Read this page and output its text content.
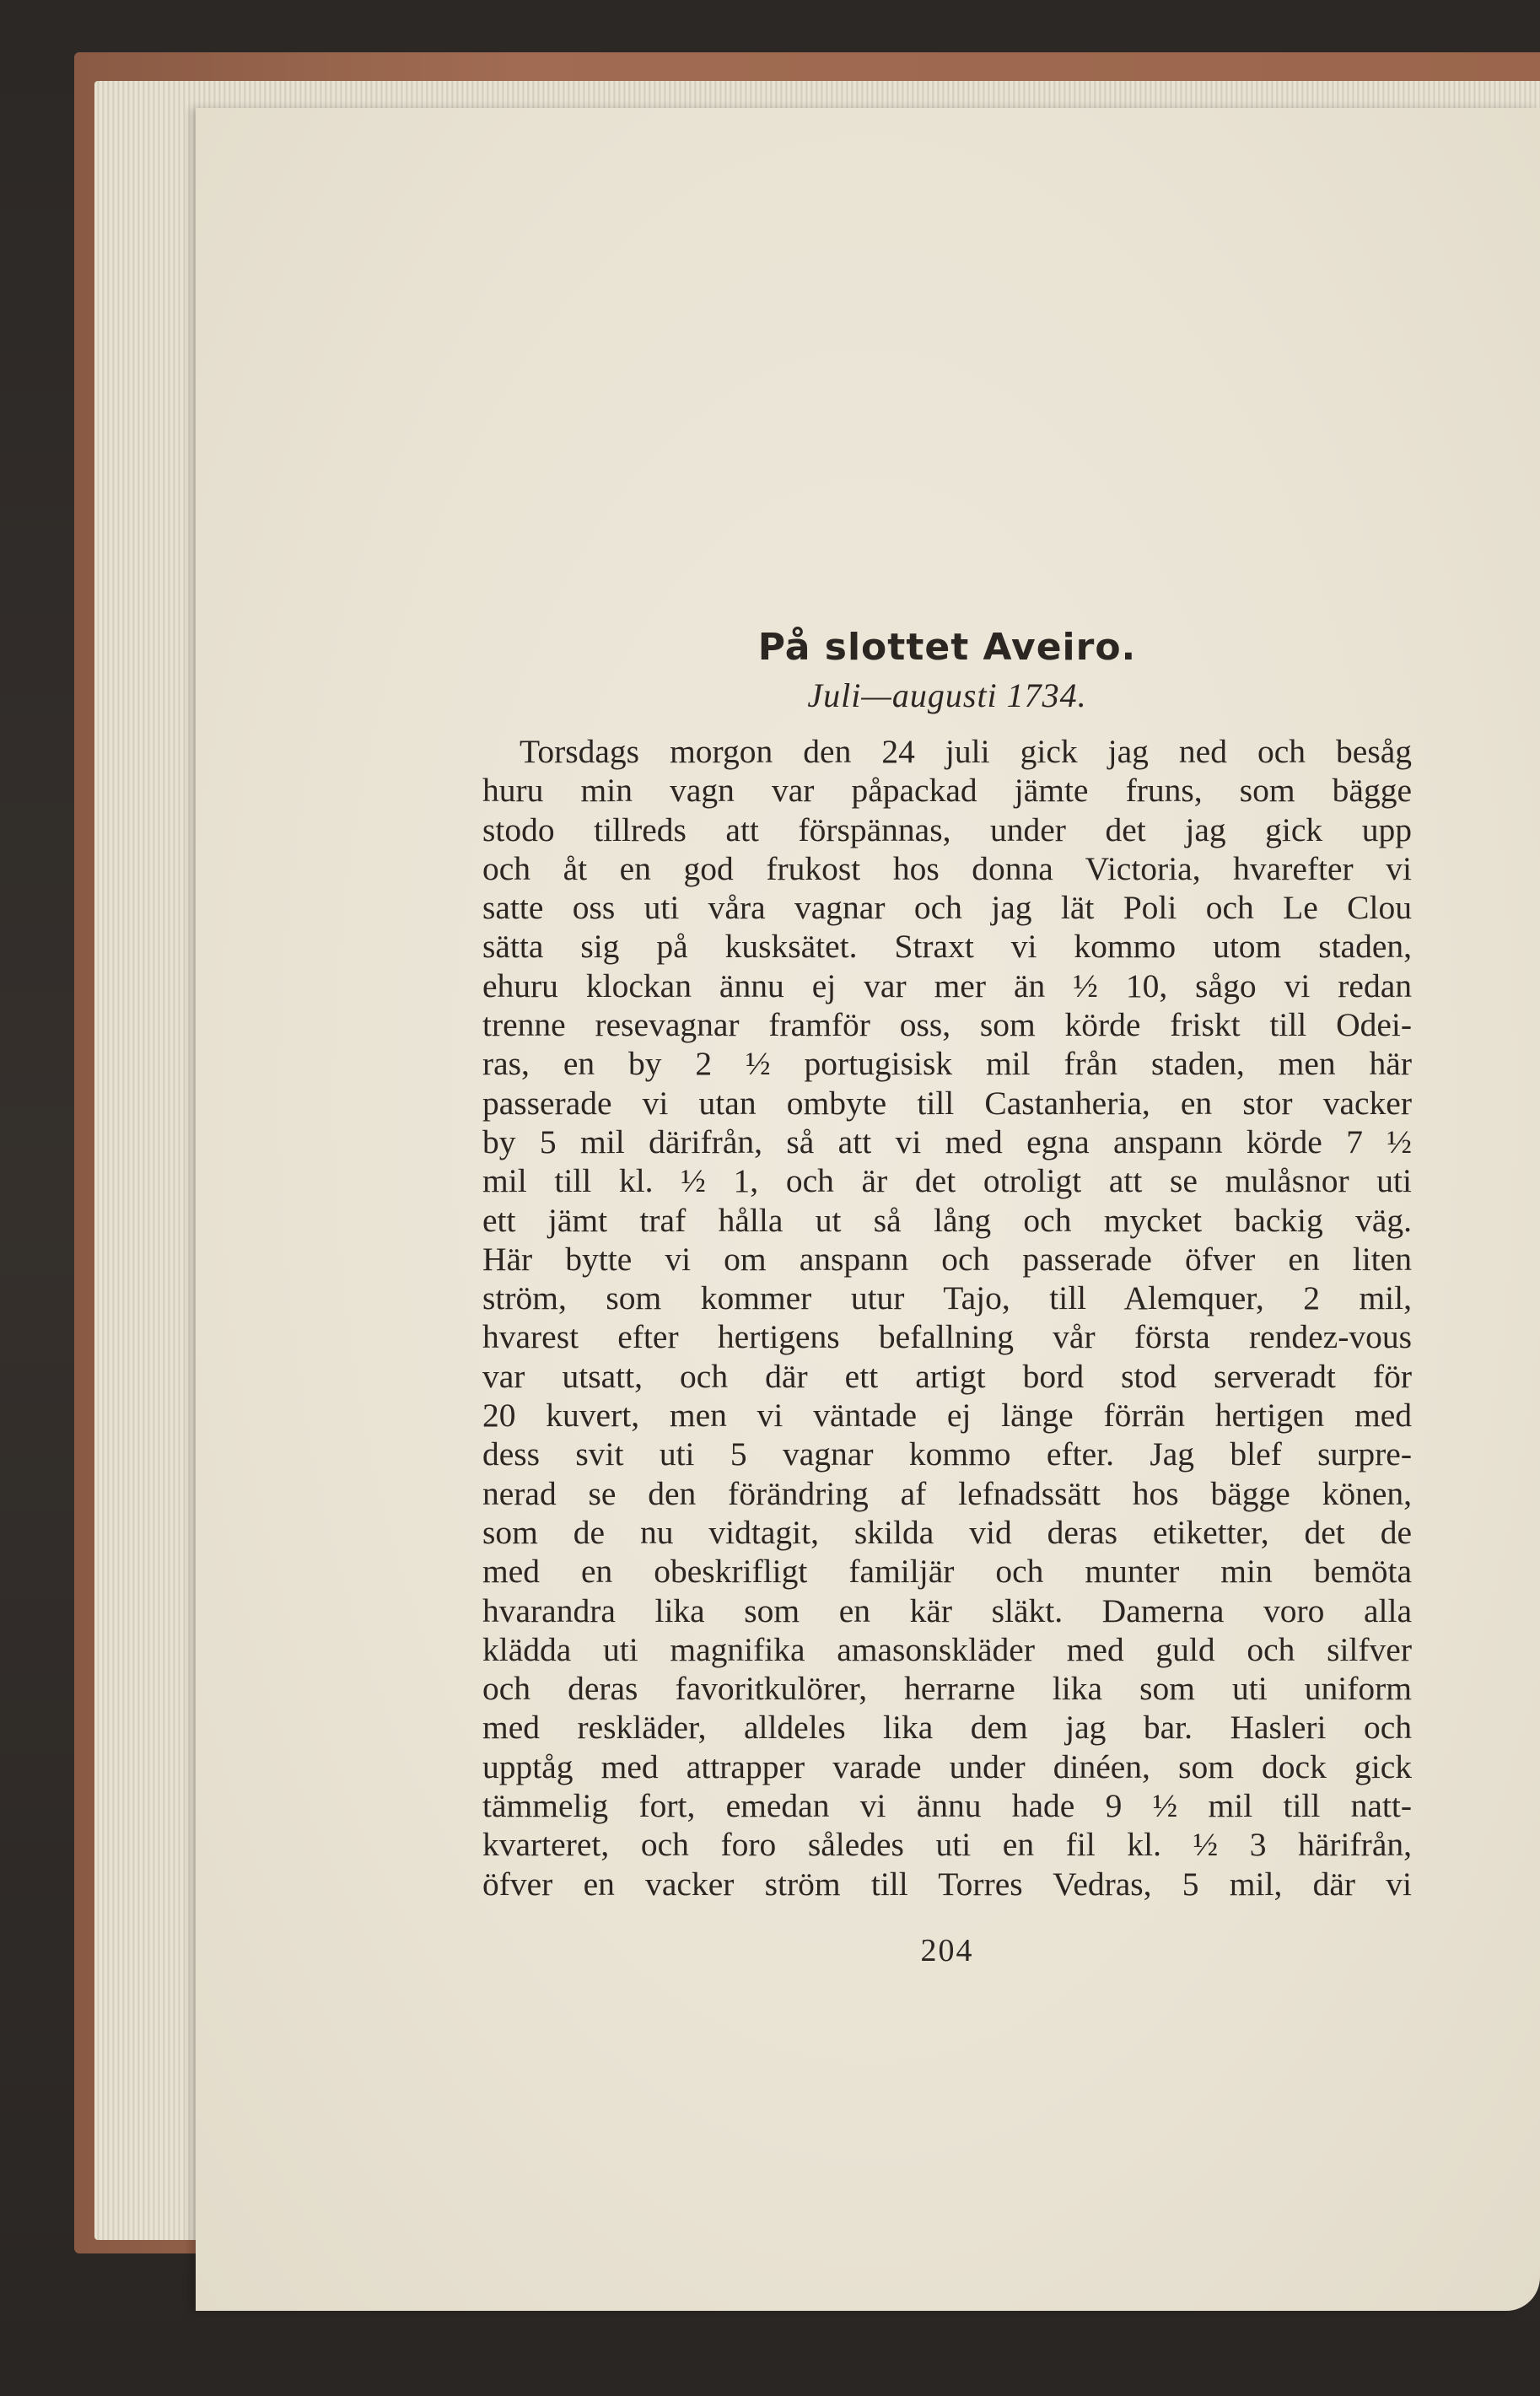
På slottet Aveiro.
Juli—augusti 1734.
Torsdags morgon den 24 juli gick jag ned och besåg
huru min vagn var påpackad jämte fruns, som bägge
stodo tillreds att förspännas, under det jag gick upp
och åt en god frukost hos donna Victoria, hvarefter vi
satte oss uti våra vagnar och jag lät Poli och Le Clou
sätta sig på kusksätet. Straxt vi kommo utom staden,
ehuru klockan ännu ej var mer än ½ 10, sågo vi redan
trenne resevagnar framför oss, som körde friskt till Odei-
ras, en by 2 ½ portugisisk mil från staden, men här
passerade vi utan ombyte till Castanheria, en stor vacker
by 5 mil därifrån, så att vi med egna anspann körde 7 ½
mil till kl. ½ 1, och är det otroligt att se mulåsnor uti
ett jämt traf hålla ut så lång och mycket backig väg.
Här bytte vi om anspann och passerade öfver en liten
ström, som kommer utur Tajo, till Alemquer, 2 mil,
hvarest efter hertigens befallning vår första rendez-vous
var utsatt, och där ett artigt bord stod serveradt för
20 kuvert, men vi väntade ej länge förrän hertigen med
dess svit uti 5 vagnar kommo efter. Jag blef surpre-
nerad se den förändring af lefnadssätt hos bägge könen,
som de nu vidtagit, skilda vid deras etiketter, det de
med en obeskrifligt familjär och munter min bemöta
hvarandra lika som en kär släkt. Damerna voro alla
klädda uti magnifika amasonskläder med guld och silfver
och deras favoritkulörer, herrarne lika som uti uniform
med reskläder, alldeles lika dem jag bar. Hasleri och
upptåg med attrapper varade under dinéen, som dock gick
tämmelig fort, emedan vi ännu hade 9 ½ mil till natt-
kvarteret, och foro således uti en fil kl. ½ 3 härifrån,
öfver en vacker ström till Torres Vedras, 5 mil, där vi
204
